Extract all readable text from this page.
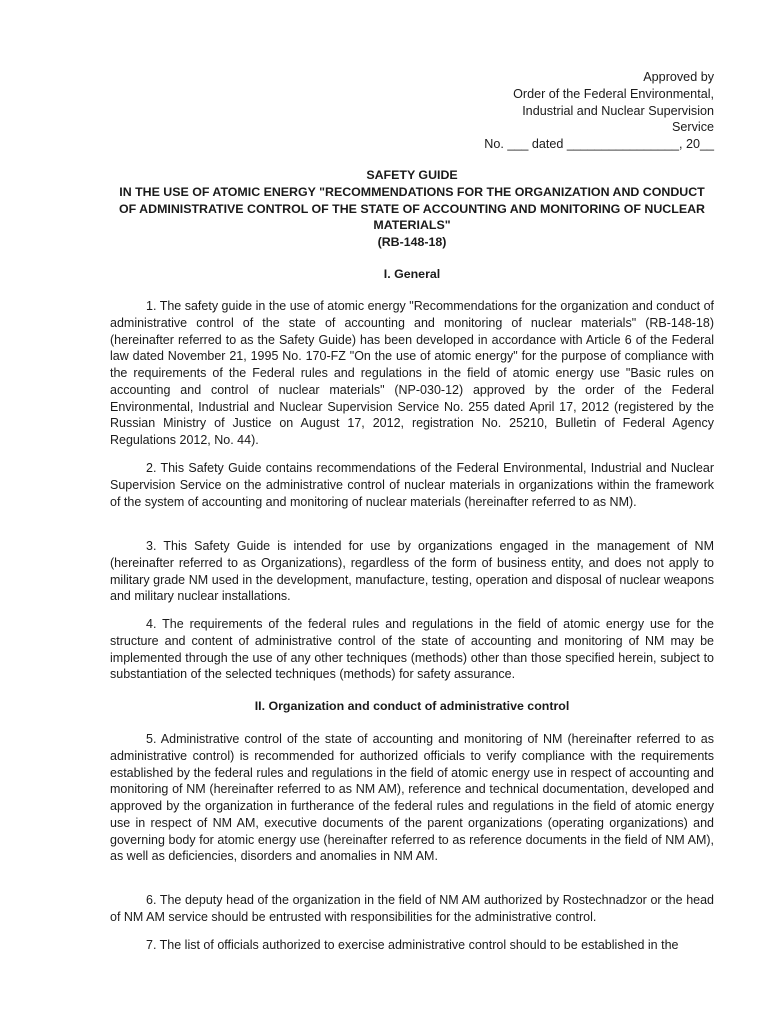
Approved by
Order of the Federal Environmental,
Industrial and Nuclear Supervision
Service
No. ___ dated ________________, 20__
SAFETY GUIDE
IN THE USE OF ATOMIC ENERGY "RECOMMENDATIONS FOR THE ORGANIZATION AND CONDUCT OF ADMINISTRATIVE CONTROL OF THE STATE OF ACCOUNTING AND MONITORING OF NUCLEAR MATERIALS"
(RB-148-18)
I. General

1. The safety guide in the use of atomic energy "Recommendations for the organization and conduct of administrative control of the state of accounting and monitoring of nuclear materials" (RB-148-18) (hereinafter referred to as the Safety Guide) has been developed in accordance with Article 6 of the Federal law dated November 21, 1995 No. 170-FZ "On the use of atomic energy" for the purpose of compliance with the requirements of the Federal rules and regulations in the field of atomic energy use "Basic rules on accounting and control of nuclear materials" (NP-030-12) approved by the order of the Federal Environmental, Industrial and Nuclear Supervision Service No. 255 dated April 17, 2012 (registered by the Russian Ministry of Justice on August 17, 2012, registration No. 25210, Bulletin of Federal Agency Regulations 2012, No. 44).

2. This Safety Guide contains recommendations of the Federal Environmental, Industrial and Nuclear Supervision Service on the administrative control of nuclear materials in organizations within the framework of the system of accounting and monitoring of nuclear materials (hereinafter referred to as NM).

3. This Safety Guide is intended for use by organizations engaged in the management of NM (hereinafter referred to as Organizations), regardless of the form of business entity, and does not apply to military grade NM used in the development, manufacture, testing, operation and disposal of nuclear weapons and military nuclear installations.

4. The requirements of the federal rules and regulations in the field of atomic energy use for the structure and content of administrative control of the state of accounting and monitoring of NM may be implemented through the use of any other techniques (methods) other than those specified herein, subject to substantiation of the selected techniques (methods) for safety assurance.

II. Organization and conduct of administrative control

5. Administrative control of the state of accounting and monitoring of NM (hereinafter referred to as administrative control) is recommended for authorized officials to verify compliance with the requirements established by the federal rules and regulations in the field of atomic energy use in respect of accounting and monitoring of NM (hereinafter referred to as NM AM), reference and technical documentation, developed and approved by the organization in furtherance of the federal rules and regulations in the field of atomic energy use in respect of NM AM, executive documents of the parent organizations (operating organizations) and governing body for atomic energy use (hereinafter referred to as reference documents in the field of NM AM), as well as deficiencies, disorders and anomalies in NM AM.

6. The deputy head of the organization in the field of NM AM authorized by Rostechnadzor or the head of NM AM service should be entrusted with responsibilities for the administrative control.

7. The list of officials authorized to exercise administrative control should to be established in the
